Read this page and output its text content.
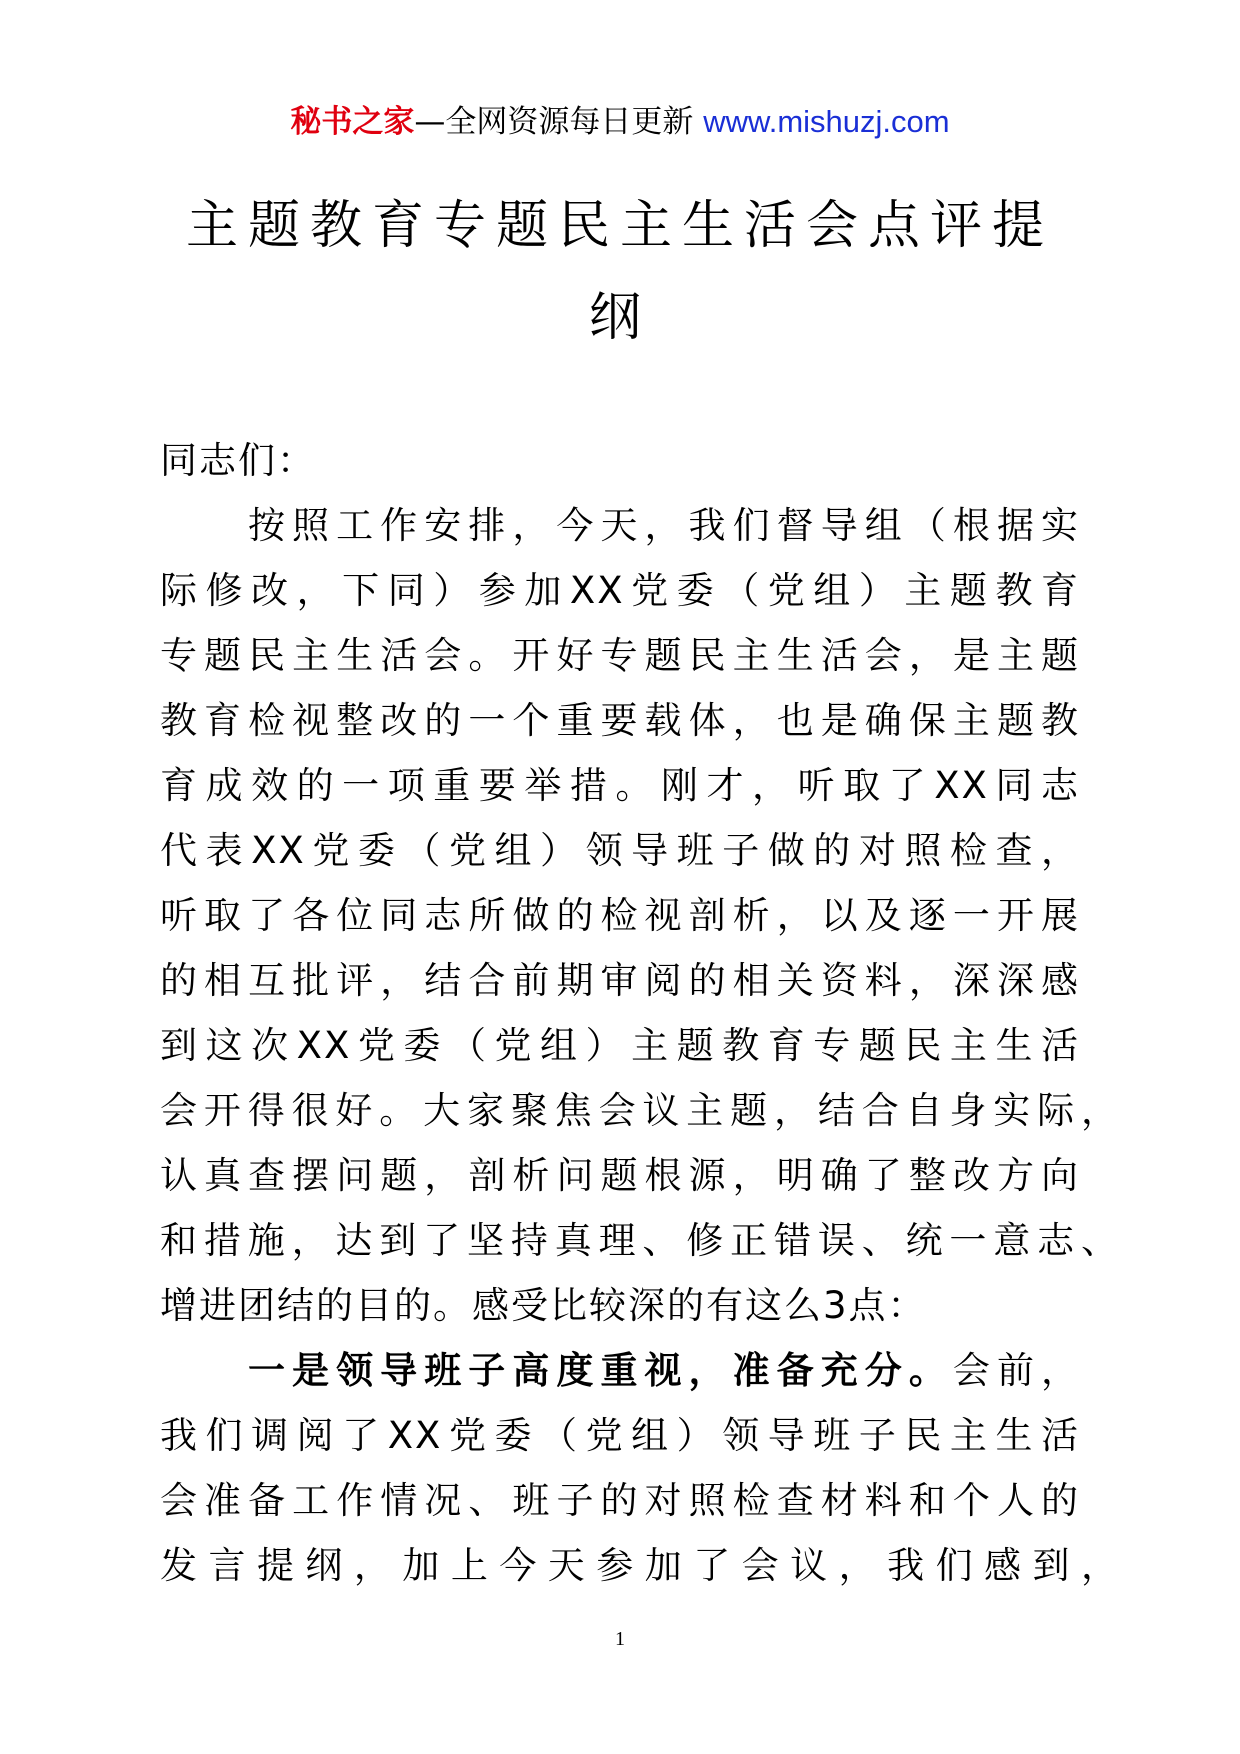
秘书之家—全网资源每日更新 www.mishuzj.com
主题教育专题民主生活会点评提
纲
同志们：
按照工作安排，今天，我们督导组（根据实
际修改，下同）参加XX党委（党组）主题教育
专题民主生活会。开好专题民主生活会，是主题
教育检视整改的一个重要载体，也是确保主题教
育成效的一项重要举措。刚才，听取了XX同志
代表XX党委（党组）领导班子做的对照检查，
听取了各位同志所做的检视剖析，以及逐一开展
的相互批评，结合前期审阅的相关资料，深深感
到这次XX党委（党组）主题教育专题民主生活
会开得很好。大家聚焦会议主题，结合自身实际，
认真查摆问题，剖析问题根源，明确了整改方向
和措施，达到了坚持真理、修正错误、统一意志、
增进团结的目的。感受比较深的有这么3点：
一是领导班子高度重视，准备充分。会前，
我们调阅了XX党委（党组）领导班子民主生活
会准备工作情况、班子的对照检查材料和个人的
发言提纲，加上今天参加了会议，我们感到，
1
